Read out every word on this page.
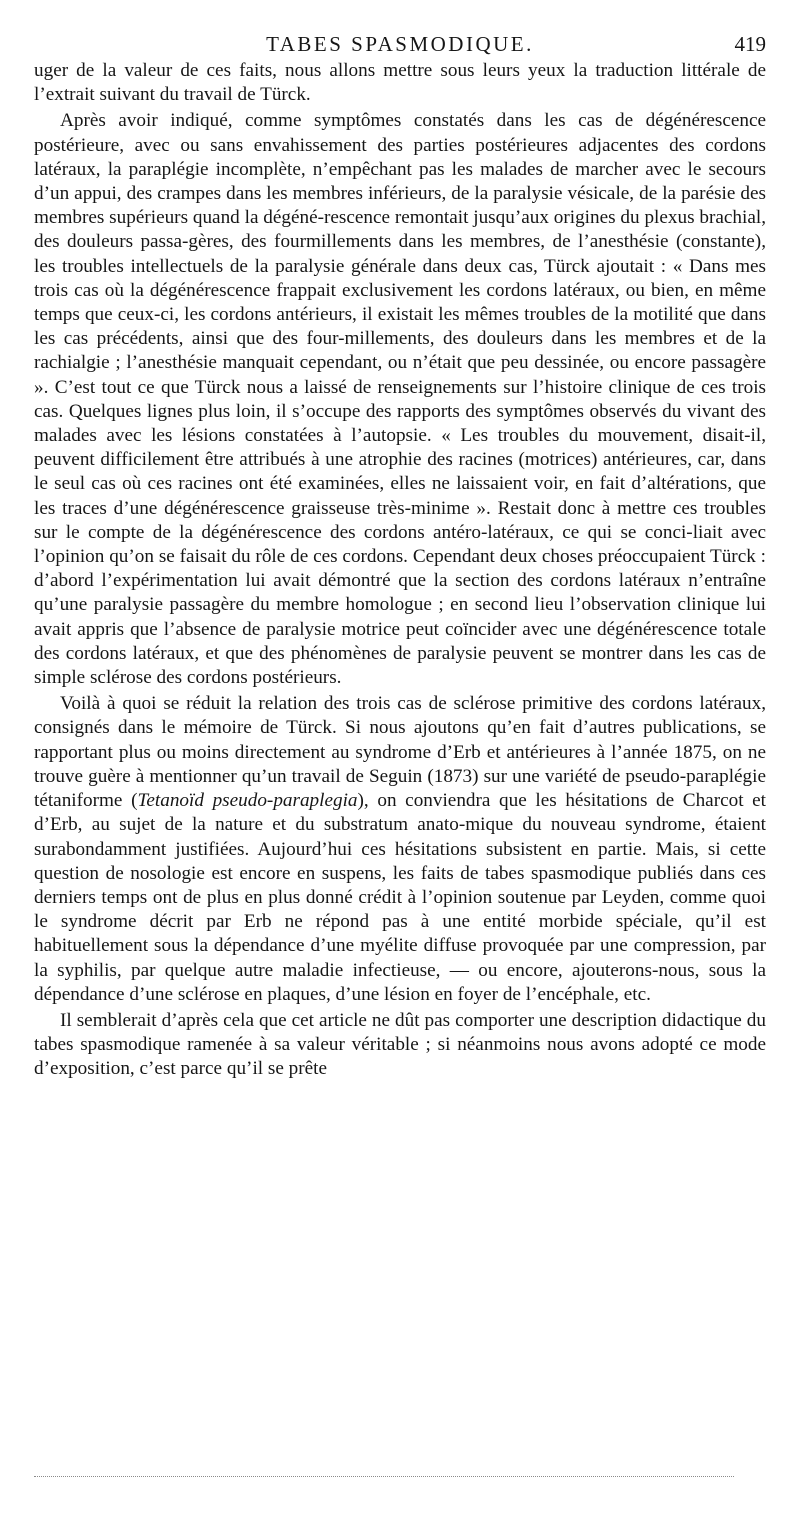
TABES SPASMODIQUE.	419

uger de la valeur de ces faits, nous allons mettre sous leurs yeux la traduction littérale de l’extrait suivant du travail de Türck.

Après avoir indiqué, comme symptômes constatés dans les cas de dégénérescence postérieure, avec ou sans envahissement des parties postérieures adjacentes des cordons latéraux, la paraplégie incomplète, n’empêchant pas les malades de marcher avec le secours d’un appui, des crampes dans les membres inférieurs, de la paralysie vésicale, de la parésie des membres supérieurs quand la dégéné-rescence remontait jusqu’aux origines du plexus brachial, des douleurs passa-gères, des fourmillements dans les membres, de l’anesthésie (constante), les troubles intellectuels de la paralysie générale dans deux cas, Türck ajoutait : « Dans mes trois cas où la dégénérescence frappait exclusivement les cordons latéraux, ou bien, en même temps que ceux-ci, les cordons antérieurs, il existait les mêmes troubles de la motilité que dans les cas précédents, ainsi que des four-millements, des douleurs dans les membres et de la rachialgie ; l’anesthésie manquait cependant, ou n’était que peu dessinée, ou encore passagère ». C’est tout ce que Türck nous a laissé de renseignements sur l’histoire clinique de ces trois cas. Quelques lignes plus loin, il s’occupe des rapports des symptômes observés du vivant des malades avec les lésions constatées à l’autopsie. « Les troubles du mouvement, disait-il, peuvent difficilement être attribués à une atrophie des racines (motrices) antérieures, car, dans le seul cas où ces racines ont été examinées, elles ne laissaient voir, en fait d’altérations, que les traces d’une dégénérescence graisseuse très-minime ». Restait donc à mettre ces troubles sur le compte de la dégénérescence des cordons antéro-latéraux, ce qui se conci-liait avec l’opinion qu’on se faisait du rôle de ces cordons. Cependant deux choses préoccupaient Türck : d’abord l’expérimentation lui avait démontré que la section des cordons latéraux n’entraîne qu’une paralysie passagère du membre homologue ; en second lieu l’observation clinique lui avait appris que l’absence de paralysie motrice peut coïncider avec une dégénérescence totale des cordons latéraux, et que des phénomènes de paralysie peuvent se montrer dans les cas de simple sclérose des cordons postérieurs.

Voilà à quoi se réduit la relation des trois cas de sclérose primitive des cordons latéraux, consignés dans le mémoire de Türck. Si nous ajoutons qu’en fait d’autres publications, se rapportant plus ou moins directement au syndrome d’Erb et antérieures à l’année 1875, on ne trouve guère à mentionner qu’un travail de Seguin (1873) sur une variété de pseudo-paraplégie tétaniforme (Tetanoïd pseudo-paraplegia), on conviendra que les hésitations de Charcot et d’Erb, au sujet de la nature et du substratum anato-mique du nouveau syndrome, étaient surabondamment justifiées. Aujourd’hui ces hésitations subsistent en partie. Mais, si cette question de nosologie est encore en suspens, les faits de tabes spasmodique publiés dans ces derniers temps ont de plus en plus donné crédit à l’opinion soutenue par Leyden, comme quoi le syndrome décrit par Erb ne répond pas à une entité morbide spéciale, qu’il est habituellement sous la dépendance d’une myélite diffuse provoquée par une compression, par la syphilis, par quelque autre maladie infectieuse, — ou encore, ajouterons-nous, sous la dépendance d’une sclérose en plaques, d’une lésion en foyer de l’encéphale, etc.

Il semblerait d’après cela que cet article ne dût pas comporter une description didactique du tabes spasmodique ramenée à sa valeur véritable ; si néanmoins nous avons adopté ce mode d’exposition, c’est parce qu’il se prête
